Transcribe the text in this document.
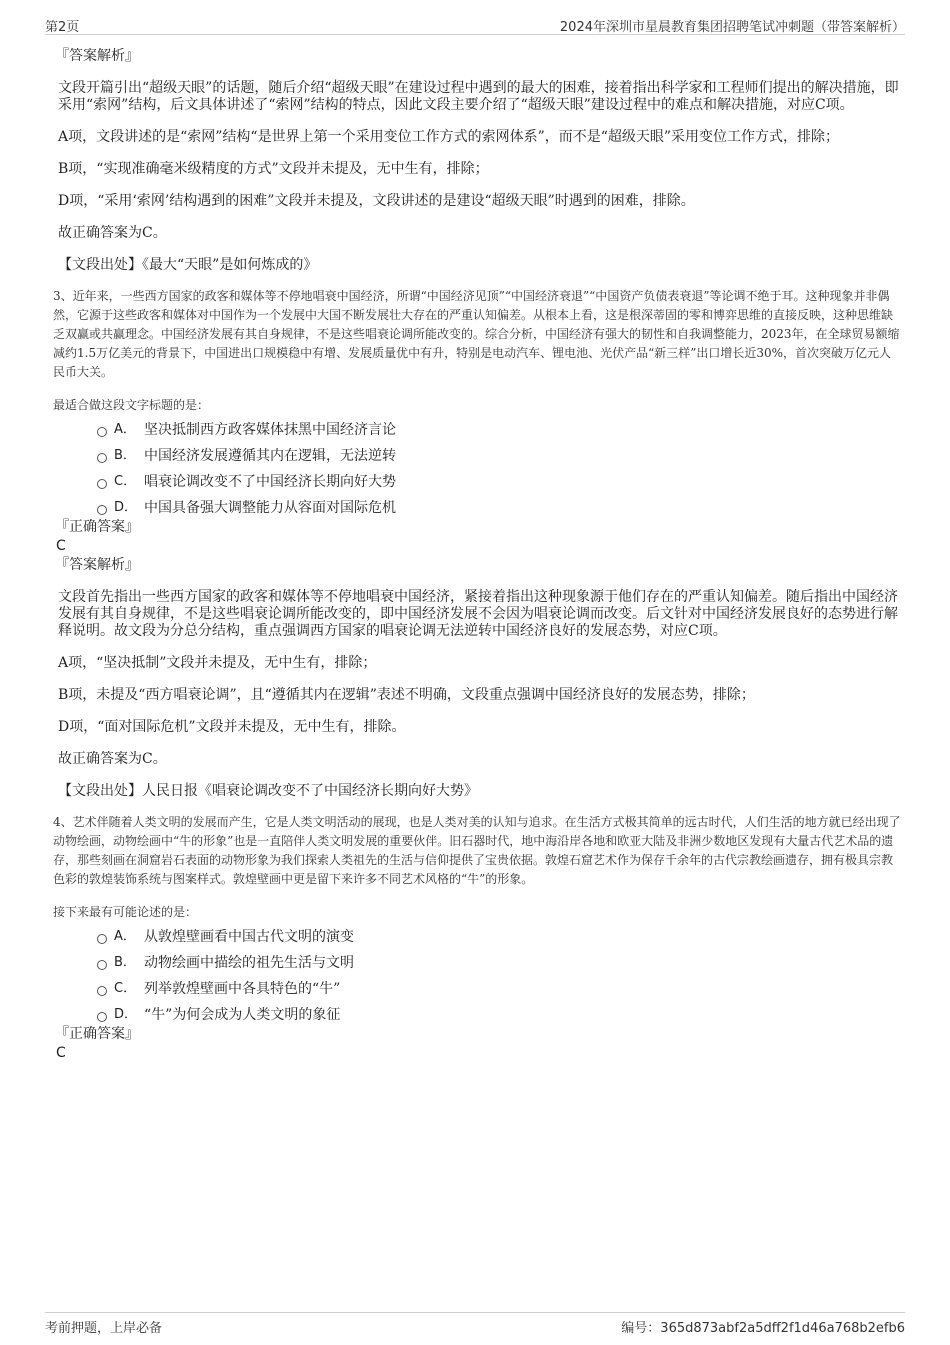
第2页	2024年深圳市星晨教育集团招聘笔试冲刺题（带答案解析）

『答案解析』

文段开篇引出“超级天眼”的话题，随后介绍“超级天眼”在建设过程中遇到的最大的困难，接着指出科学家和工程师们提出的解决措施，即采用“索网”结构，后文具体讲述了“索网”结构的特点，因此文段主要介绍了“超级天眼”建设过程中的难点和解决措施，对应C项。

A项，文段讲述的是“索网”结构“是世界上第一个采用变位工作方式的索网体系”，而不是“超级天眼”采用变位工作方式，排除；

B项，“实现准确毫米级精度的方式”文段并未提及，无中生有，排除；

D项，“采用‘索网’结构遇到的困难”文段并未提及，文段讲述的是建设“超级天眼”时遇到的困难，排除。

故正确答案为C。

【文段出处】《最大“天眼”是如何炼成的》

3、近年来，一些西方国家的政客和媒体等不停地唱衰中国经济，所谓“中国经济见顶”“中国经济衰退”“中国资产负债表衰退”等论调不绝于耳。这种现象并非偶然，它源于这些政客和媒体对中国作为一个发展中大国不断发展壮大存在的严重认知偏差。从根本上看，这是根深蒂固的零和博弈思维的直接反映，这种思维缺乏双赢或共赢理念。中国经济发展有其自身规律，不是这些唱衰论调所能改变的。综合分析，中国经济有强大的韧性和自我调整能力，2023年，在全球贸易额缩减约1.5万亿美元的背景下，中国进出口规模稳中有增、发展质量优中有升，特别是电动汽车、锂电池、光伏产品“新三样”出口增长近30%，首次突破万亿元人民币大关。

最适合做这段文字标题的是：

A． 坚决抵制西方政客媒体抹黑中国经济言论
B． 中国经济发展遵循其内在逻辑，无法逆转
C． 唱衰论调改变不了中国经济长期向好大势
D． 中国具备强大调整能力从容面对国际危机

『正确答案』

C

『答案解析』

文段首先指出一些西方国家的政客和媒体等不停地唱衰中国经济，紧接着指出这种现象源于他们存在的严重认知偏差。随后指出中国经济发展有其自身规律，不是这些唱衰论调所能改变的，即中国经济发展不会因为唱衰论调而改变。后文针对中国经济发展良好的态势进行解释说明。故文段为分总分结构，重点强调西方国家的唱衰论调无法逆转中国经济良好的发展态势，对应C项。

A项，“坚决抵制”文段并未提及，无中生有，排除；

B项，未提及“西方唱衰论调”，且“遵循其内在逻辑”表述不明确，文段重点强调中国经济良好的发展态势，排除；

D项，“面对国际危机”文段并未提及，无中生有，排除。

故正确答案为C。

【文段出处】人民日报《唱衰论调改变不了中国经济长期向好大势》

4、艺术伴随着人类文明的发展而产生，它是人类文明活动的展现，也是人类对美的认知与追求。在生活方式极其简单的远古时代，人们生活的地方就已经出现了动物绘画，动物绘画中“牛的形象”也是一直陪伴人类文明发展的重要伙伴。旧石器时代，地中海沿岸各地和欧亚大陆及非洲少数地区发现有大量古代艺术品的遗存，那些刻画在洞窟岩石表面的动物形象为我们探索人类祖先的生活与信仰提供了宝贵依据。敦煌石窟艺术作为保存千余年的古代宗教绘画遗存，拥有极具宗教色彩的敦煌装饰系统与图案样式。敦煌壁画中更是留下来许多不同艺术风格的“牛”的形象。

接下来最有可能论述的是：

A． 从敦煌壁画看中国古代文明的演变
B． 动物绘画中描绘的祖先生活与文明
C． 列举敦煌壁画中各具特色的“牛”
D． “牛”为何会成为人类文明的象征

『正确答案』

C

考前押题，上岸必备	编号：365d873abf2a5dff2f1d46a768b2efb6
